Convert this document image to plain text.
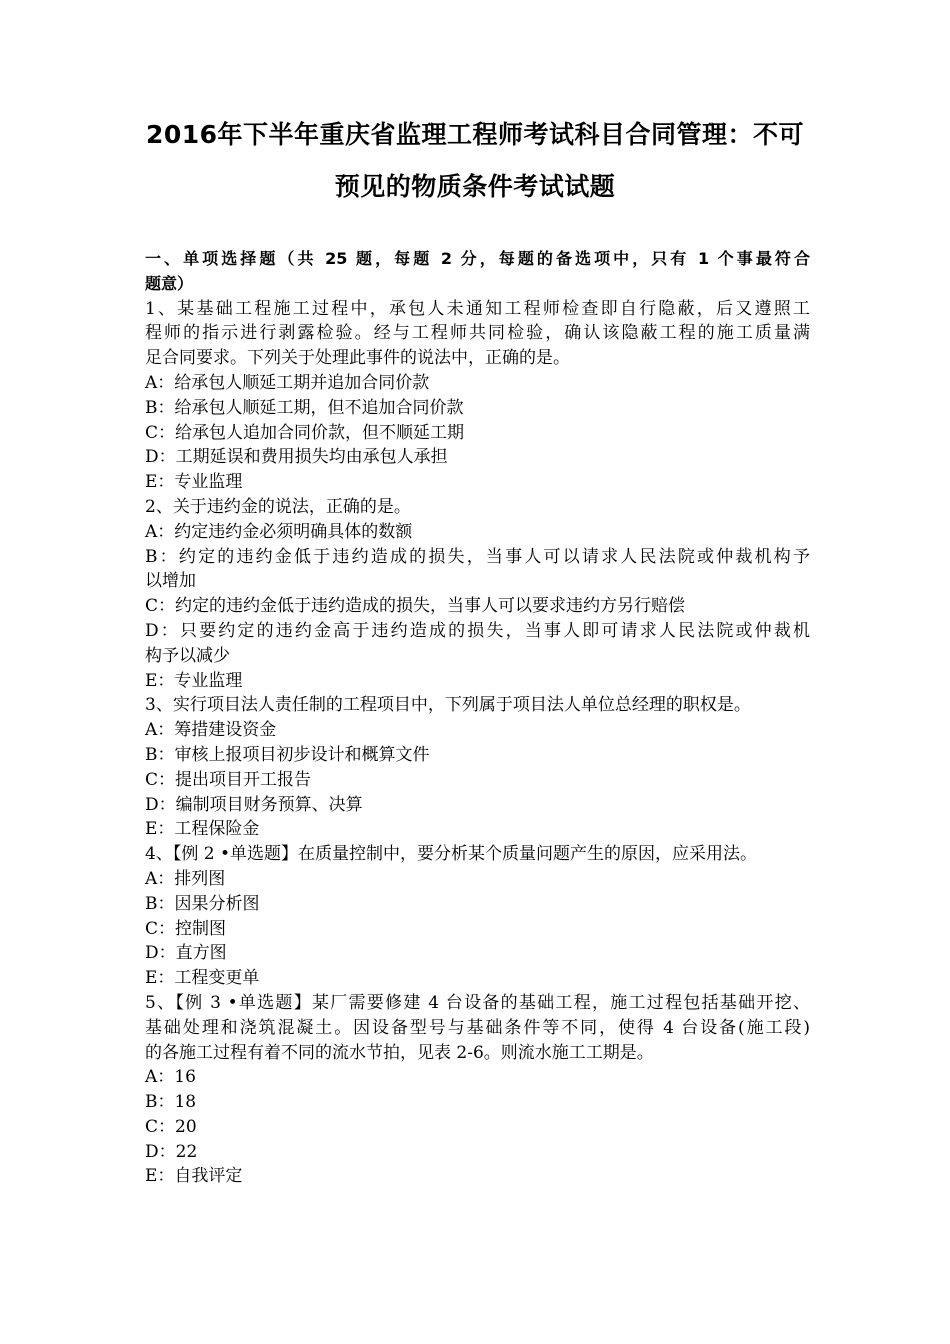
2016年下半年重庆省监理工程师考试科目合同管理：不可
预见的物质条件考试试题
一、单项选择题（共 25 题，每题 2 分，每题的备选项中，只有 1 个事最符合
题意）
1、某基础工程施工过程中，承包人未通知工程师检查即自行隐蔽，后又遵照工
程师的指示进行剥露检验。经与工程师共同检验，确认该隐蔽工程的施工质量满
足合同要求。下列关于处理此事件的说法中，正确的是。
A：给承包人顺延工期并追加合同价款
B：给承包人顺延工期，但不追加合同价款
C：给承包人追加合同价款，但不顺延工期
D：工期延误和费用损失均由承包人承担
E：专业监理
2、关于违约金的说法，正确的是。
A：约定违约金必须明确具体的数额
B：约定的违约金低于违约造成的损失，当事人可以请求人民法院或仲裁机构予
以增加
C：约定的违约金低于违约造成的损失，当事人可以要求违约方另行赔偿
D：只要约定的违约金高于违约造成的损失，当事人即可请求人民法院或仲裁机
构予以减少
E：专业监理
3、实行项目法人责任制的工程项目中，下列属于项目法人单位总经理的职权是。
A：筹措建设资金
B：审核上报项目初步设计和概算文件
C：提出项目开工报告
D：编制项目财务预算、决算
E：工程保险金
4、【例 2 •单选题】在质量控制中，要分析某个质量问题产生的原因，应采用法。
A：排列图
B：因果分析图
C：控制图
D：直方图
E：工程变更单
5、【例 3 •单选题】某厂需要修建 4 台设备的基础工程，施工过程包括基础开挖、
基础处理和浇筑混凝土。因设备型号与基础条件等不同，使得 4 台设备(施工段)
的各施工过程有着不同的流水节拍，见表 2-6。则流水施工工期是。
A：16
B：18
C：20
D：22
E：自我评定
